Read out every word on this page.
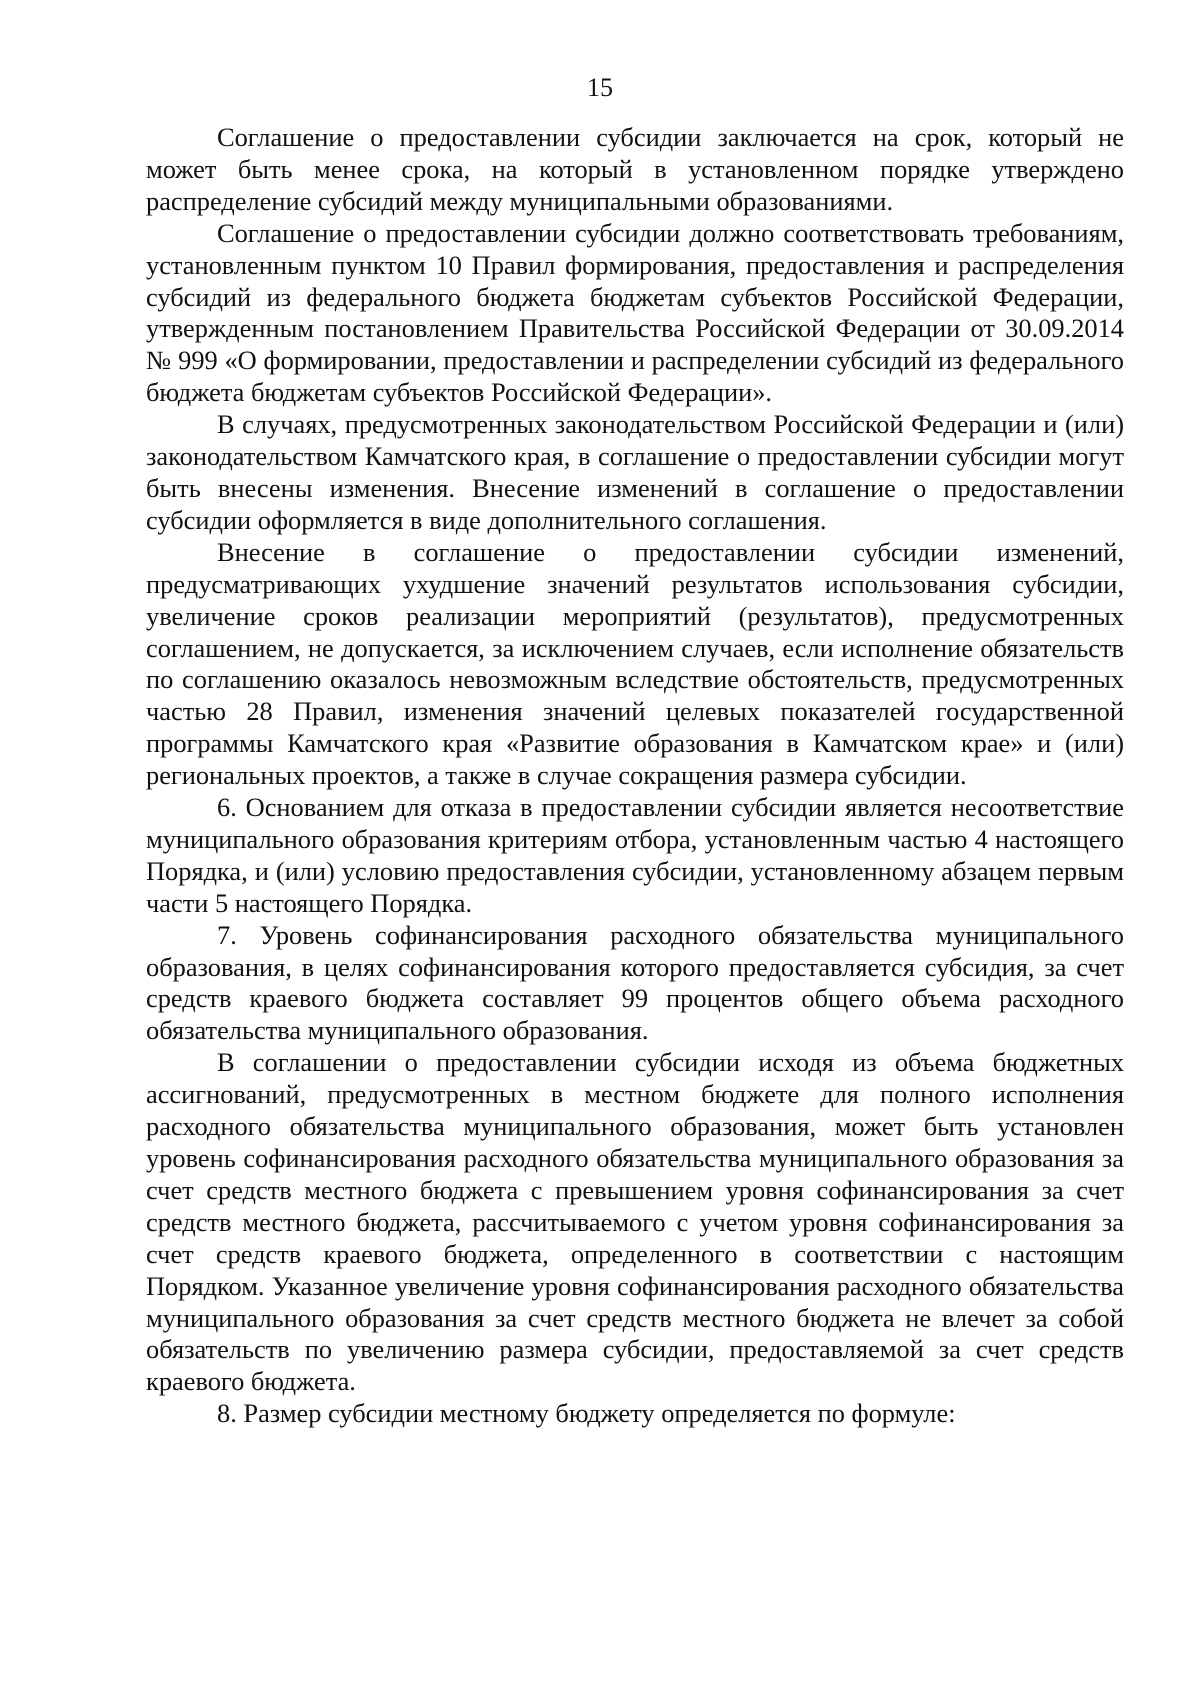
15

Соглашение о предоставлении субсидии заключается на срок, который не может быть менее срока, на который в установленном порядке утверждено распределение субсидий между муниципальными образованиями.

Соглашение о предоставлении субсидии должно соответствовать требованиям, установленным пунктом 10 Правил формирования, предоставления и распределения субсидий из федерального бюджета бюджетам субъектов Российской Федерации, утвержденным постановлением Правительства Российской Федерации от 30.09.2014 № 999 «О формировании, предоставлении и распределении субсидий из федерального бюджета бюджетам субъектов Российской Федерации».

В случаях, предусмотренных законодательством Российской Федерации и (или) законодательством Камчатского края, в соглашение о предоставлении субсидии могут быть внесены изменения. Внесение изменений в соглашение о предоставлении субсидии оформляется в виде дополнительного соглашения.

Внесение в соглашение о предоставлении субсидии изменений, предусматривающих ухудшение значений результатов использования субсидии, увеличение сроков реализации мероприятий (результатов), предусмотренных соглашением, не допускается, за исключением случаев, если исполнение обязательств по соглашению оказалось невозможным вследствие обстоятельств, предусмотренных частью 28 Правил, изменения значений целевых показателей государственной программы Камчатского края «Развитие образования в Камчатском крае» и (или) региональных проектов, а также в случае сокращения размера субсидии.

6. Основанием для отказа в предоставлении субсидии является несоответствие муниципального образования критериям отбора, установленным частью 4 настоящего Порядка, и (или) условию предоставления субсидии, установленному абзацем первым части 5 настоящего Порядка.

7. Уровень софинансирования расходного обязательства муниципального образования, в целях софинансирования которого предоставляется субсидия, за счет средств краевого бюджета составляет 99 процентов общего объема расходного обязательства муниципального образования.

В соглашении о предоставлении субсидии исходя из объема бюджетных ассигнований, предусмотренных в местном бюджете для полного исполнения расходного обязательства муниципального образования, может быть установлен уровень софинансирования расходного обязательства муниципального образования за счет средств местного бюджета с превышением уровня софинансирования за счет средств местного бюджета, рассчитываемого с учетом уровня софинансирования за счет средств краевого бюджета, определенного в соответствии с настоящим Порядком. Указанное увеличение уровня софинансирования расходного обязательства муниципального образования за счет средств местного бюджета не влечет за собой обязательств по увеличению размера субсидии, предоставляемой за счет средств краевого бюджета.

8. Размер субсидии местному бюджету определяется по формуле:
